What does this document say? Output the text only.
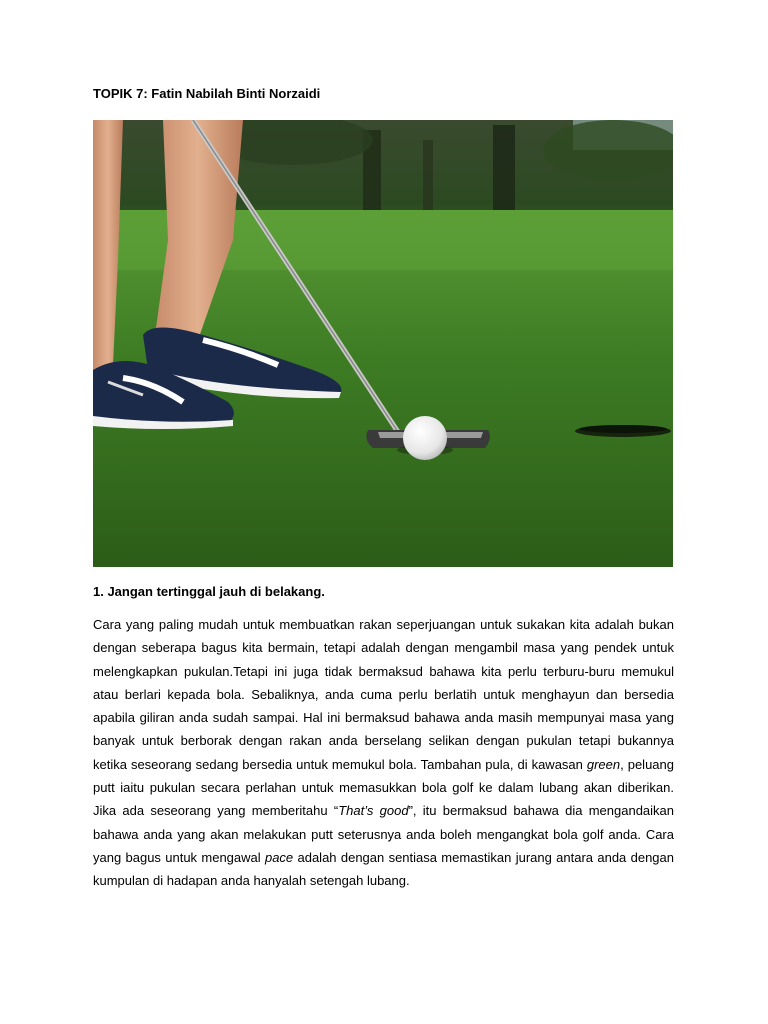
TOPIK 7: Fatin Nabilah Binti Norzaidi
1. Jangan tertinggal jauh di belakang.

Cara yang paling mudah untuk membuatkan rakan seperjuangan untuk sukakan kita adalah bukan dengan seberapa bagus kita bermain, tetapi adalah dengan mengambil masa yang pendek untuk melengkapkan pukulan.Tetapi ini juga tidak bermaksud bahawa kita perlu terburu-buru memukul atau berlari kepada bola. Sebaliknya, anda cuma perlu berlatih untuk menghayun dan bersedia apabila giliran anda sudah sampai. Hal ini bermaksud bahawa anda masih mempunyai masa yang banyak untuk berborak dengan rakan anda berselang selikan dengan pukulan tetapi bukannya ketika seseorang sedang bersedia untuk memukul bola. Tambahan pula, di kawasan green, peluang putt iaitu pukulan secara perlahan untuk memasukkan bola golf ke dalam lubang akan diberikan. Jika ada seseorang yang memberitahu “That’s good”, itu bermaksud bahawa dia mengandaikan bahawa anda yang akan melakukan putt seterusnya anda boleh mengangkat bola golf anda. Cara yang bagus untuk mengawal pace adalah dengan sentiasa memastikan jurang antara anda dengan kumpulan di hadapan anda hanyalah setengah lubang.
